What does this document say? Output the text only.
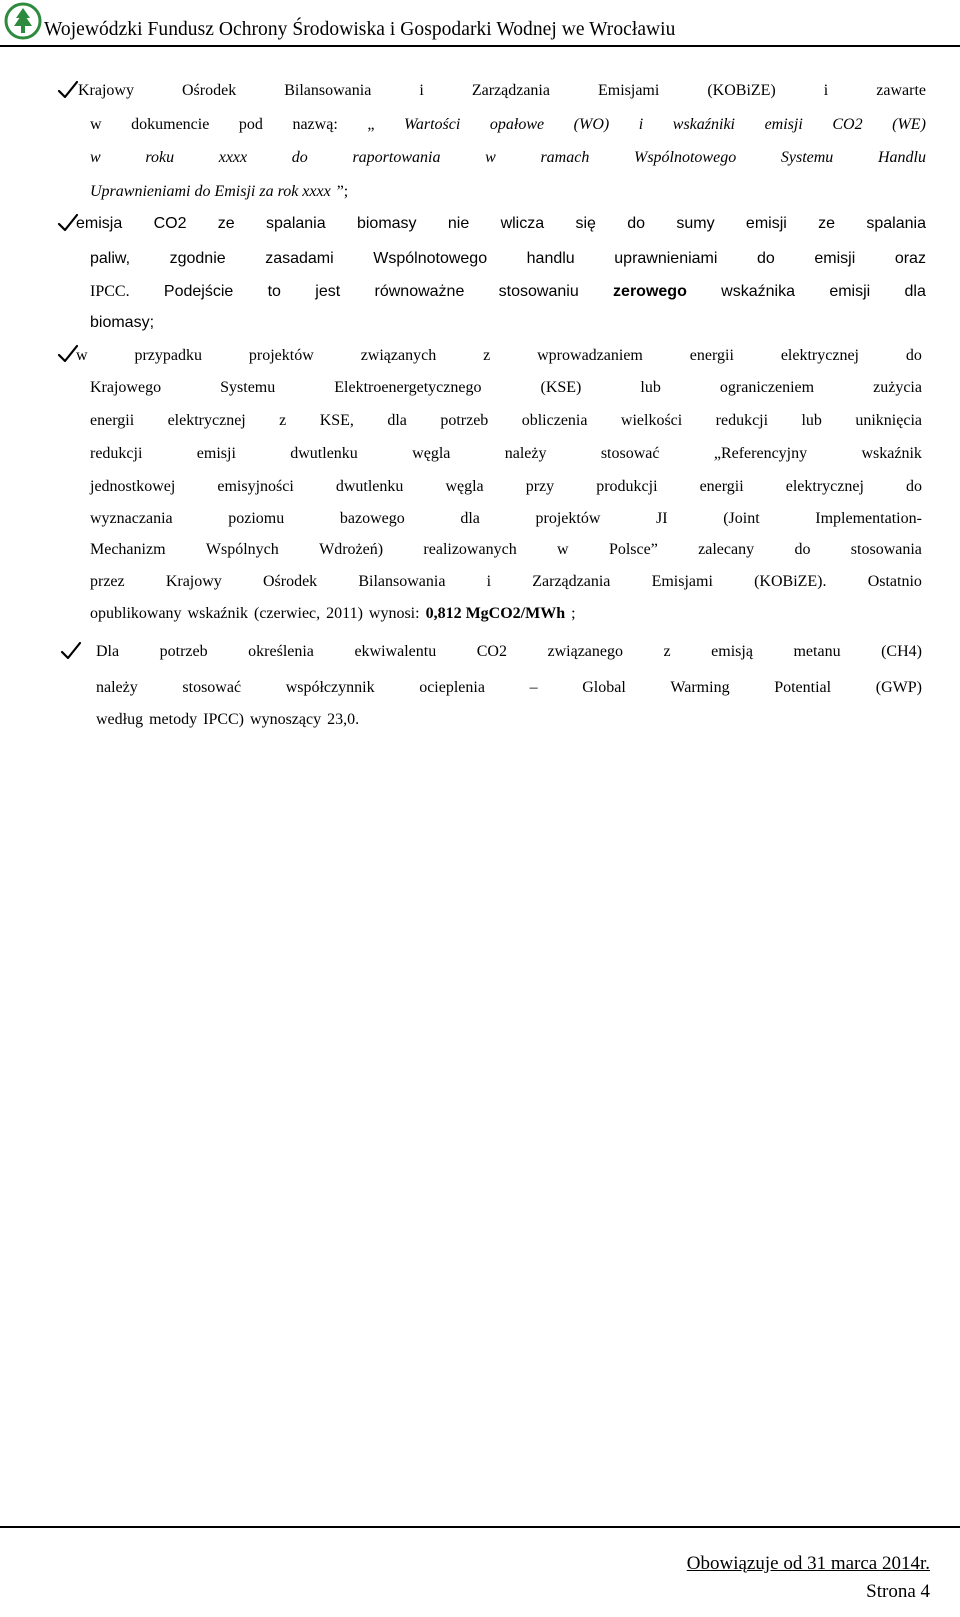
Wojewódzki Fundusz Ochrony Środowiska i Gospodarki Wodnej we Wrocławiu
Krajowy	Ośrodek	Bilansowania	i	Zarządzania	Emisjami	(KOBiZE)	i	zawarte
w dokumencie pod nazwą: „ Wartości opałowe (WO) i wskaźniki emisji CO2 (WE)
w	roku	xxxx	do	raportowania	w	ramach	Wspólnotowego	Systemu	Handlu
Uprawnieniami do Emisji za rok xxxx ”;
emisja CO2 ze spalania biomasy nie wlicza się do sumy emisji ze spalania
paliw, zgodnie zasadami Wspólnotowego handlu uprawnieniami do emisji oraz
IPCC. Podejście to jest równoważne stosowaniu zerowego wskaźnika emisji dla
biomasy;
w	przypadku	projektów	związanych	z	wprowadzaniem	energii	elektrycznej	do
Krajowego	Systemu	Elektroenergetycznego	(KSE)	lub	ograniczeniem	zużycia
energii elektrycznej z KSE, dla potrzeb obliczenia wielkości redukcji lub uniknięcia
redukcji	emisji	dwutlenku	węgla	należy	stosować	„Referencyjny	wskaźnik
jednostkowej	emisyjności	dwutlenku	węgla	przy	produkcji	energii	elektrycznej	do
wyznaczania	poziomu	bazowego	dla	projektów	JI	(Joint	Implementation-
Mechanizm	Wspólnych	Wdrożeń)	realizowanych	w	Polsce”	zalecany	do	stosowania
przez	Krajowy	Ośrodek	Bilansowania	i	Zarządzania	Emisjami	(KOBiZE).	Ostatnio
opublikowany wskaźnik (czerwiec, 2011) wynosi: 0,812 MgCO2/MWh ;
Dla	potrzeb	określenia	ekwiwalentu	CO2	związanego	z	emisją	metanu	(CH4)
należy	stosować	współczynnik	ocieplenia	–	Global	Warming	Potential	(GWP)
według metody IPCC) wynoszący 23,0.
Obowiązuje od 31 marca 2014r.
Strona 4
